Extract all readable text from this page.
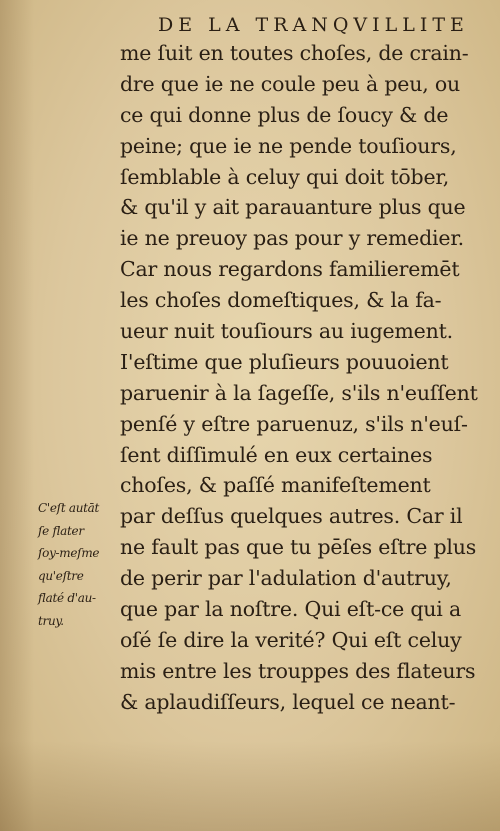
DE LA TRANQVILLITE
me ſuit en toutes choſes, de crain-
dre que ie ne coule peu à peu, ou
ce qui donne plus de ſoucy & de
peine; que ie ne pende touſiours,
ſemblable à celuy qui doit tōber,
& qu'il y ait parauanture plus que
ie ne preuoy pas pour y remedier.
Car nous regardons familieremēt
les choſes domeſtiques, & la fa-
ueur nuit touſiours au iugement.
I'eſtime que pluſieurs pouuoient
paruenir à la ſageſſe, s'ils n'euſſent
penſé y eſtre paruenuz, s'ils n'euſ-
ſent diſſimulé en eux certaines
choſes, & paſſé manifeſtement
par deſſus quelques autres. Car il
ne fault pas que tu pēſes eſtre plus
de perir par l'adulation d'autruy,
que par la noſtre. Qui eſt-ce qui a
oſé ſe dire la verité? Qui eſt celuy
mis entre les trouppes des flateurs
& aplaudiſſeurs, lequel ce neant-
C'eſt autāt
ſe flater
ſoy-meſme
qu'eſtre
flaté d'au-
truy.
